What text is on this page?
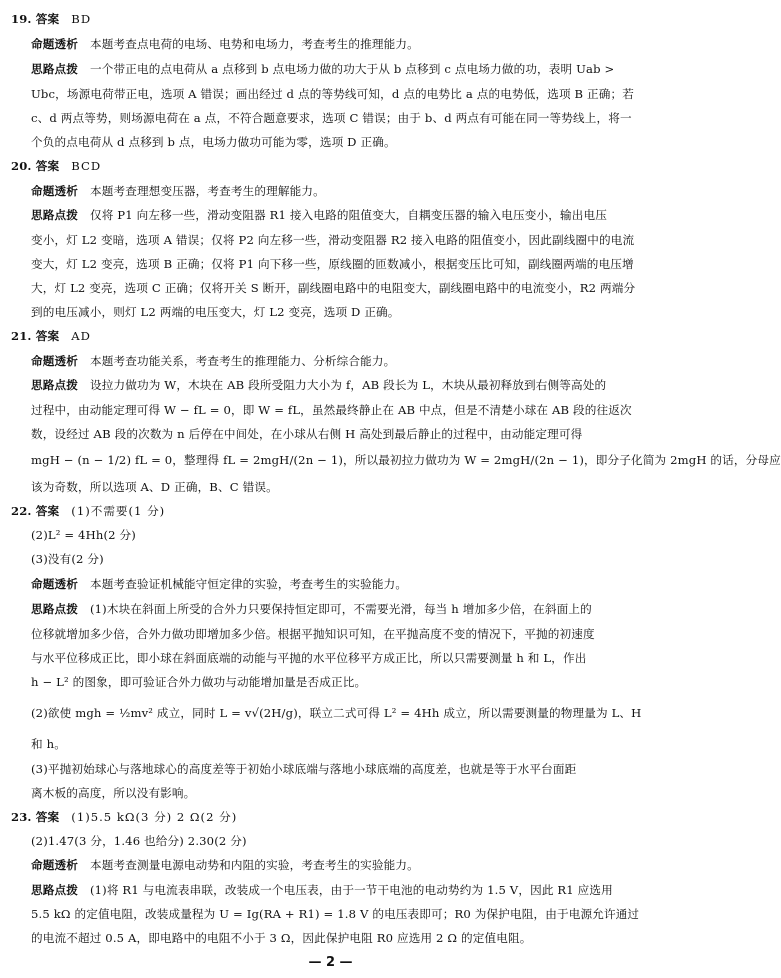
19. 答案 BD
命题透析 本题考查点电荷的电场、电势和电场力，考查考生的推理能力。
思路点拨 一个带正电的点电荷从 a 点移到 b 点电场力做的功大于从 b 点移到 c 点电场力做的功，表明 Uab >
Ubc，场源电荷带正电，选项 A 错误；画出经过 d 点的等势线可知，d 点的电势比 a 点的电势低，选项 B 正确；若
c、d 两点等势，则场源电荷在 a 点，不符合题意要求，选项 C 错误；由于 b、d 两点有可能在同一等势线上，将一
个负的点电荷从 d 点移到 b 点，电场力做功可能为零，选项 D 正确。
20. 答案 BCD
命题透析 本题考查理想变压器，考查考生的理解能力。
思路点拨 仅将 P1 向左移一些，滑动变阻器 R1 接入电路的阻值变大，自耦变压器的输入电压变小，输出电压
变小，灯 L2 变暗，选项 A 错误；仅将 P2 向左移一些，滑动变阻器 R2 接入电路的阻值变小，因此副线圈中的电流
变大，灯 L2 变亮，选项 B 正确；仅将 P1 向下移一些，原线圈的匝数减小，根据变压比可知，副线圈两端的电压增
大，灯 L2 变亮，选项 C 正确；仅将开关 S 断开，副线圈电路中的电阻变大，副线圈电路中的电流变小，R2 两端分
到的电压减小，则灯 L2 两端的电压变大，灯 L2 变亮，选项 D 正确。
21. 答案 AD
命题透析 本题考查功能关系，考查考生的推理能力、分析综合能力。
思路点拨 设拉力做功为 W，木块在 AB 段所受阻力大小为 f，AB 段长为 L，木块从最初释放到右侧等高处的
过程中，由动能定理可得 W − fL = 0，即 W = fL，虽然最终静止在 AB 中点，但是不清楚小球在 AB 段的往返次
数，设经过 AB 段的次数为 n 后停在中间处，在小球从右侧 H 高处到最后静止的过程中，由动能定理可得
mgH − (n − 1/2) fL = 0，整理得 fL = 2mgH/(2n − 1)，所以最初拉力做功为 W = 2mgH/(2n − 1)，即分子化简为 2mgH 的话，分母应
该为奇数，所以选项 A、D 正确，B、C 错误。
22. 答案 (1)不需要(1 分)
(2)L² = 4Hh(2 分)
(3)没有(2 分)
命题透析 本题考查验证机械能守恒定律的实验，考查考生的实验能力。
思路点拨 (1)木块在斜面上所受的合外力只要保持恒定即可，不需要光滑，每当 h 增加多少倍，在斜面上的
位移就增加多少倍，合外力做功即增加多少倍。根据平抛知识可知，在平抛高度不变的情况下，平抛的初速度
与水平位移成正比，即小球在斜面底端的动能与平抛的水平位移平方成正比，所以只需要测量 h 和 L，作出
h − L² 的图象，即可验证合外力做功与动能增加量是否成正比。
(2)欲使 mgh = ½mv² 成立，同时 L = v√(2H/g)，联立二式可得 L² = 4Hh 成立，所以需要测量的物理量为 L、H
和 h。
(3)平抛初始球心与落地球心的高度差等于初始小球底端与落地小球底端的高度差，也就是等于水平台面距
离木板的高度，所以没有影响。
23. 答案 (1)5.5 kΩ(3 分) 2 Ω(2 分)
(2)1.47(3 分，1.46 也给分) 2.30(2 分)
命题透析 本题考查测量电源电动势和内阻的实验，考查考生的实验能力。
思路点拨 (1)将 R1 与电流表串联，改装成一个电压表，由于一节干电池的电动势约为 1.5 V，因此 R1 应选用
5.5 kΩ 的定值电阻，改装成量程为 U = Ig(RA + R1) = 1.8 V 的电压表即可；R0 为保护电阻，由于电源允许通过
的电流不超过 0.5 A，即电路中的电阻不小于 3 Ω，因此保护电阻 R0 应选用 2 Ω 的定值电阻。
— 2 —
